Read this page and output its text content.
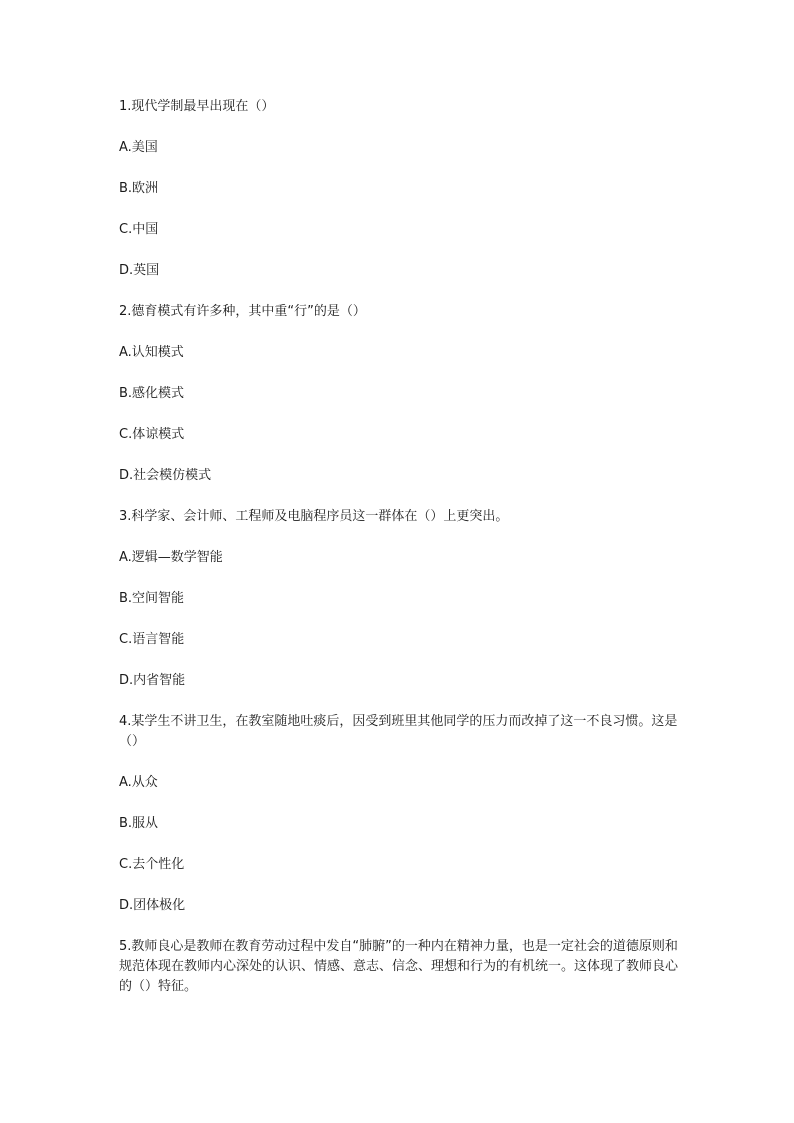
1.现代学制最早出现在（）

A.美国

B.欧洲

C.中国

D.英国

2.德育模式有许多种，其中重“行”的是（）

A.认知模式

B.感化模式

C.体谅模式

D.社会模仿模式

3.科学家、会计师、工程师及电脑程序员这一群体在（）上更突出。

A.逻辑—数学智能

B.空间智能

C.语言智能

D.内省智能

4.某学生不讲卫生，在教室随地吐痰后，因受到班里其他同学的压力而改掉了这一不良习惯。这是（）

A.从众

B.服从

C.去个性化

D.团体极化

5.教师良心是教师在教育劳动过程中发自“肺腑”的一种内在精神力量，也是一定社会的道德原则和规范体现在教师内心深处的认识、情感、意志、信念、理想和行为的有机统一。这体现了教师良心的（）特征。
